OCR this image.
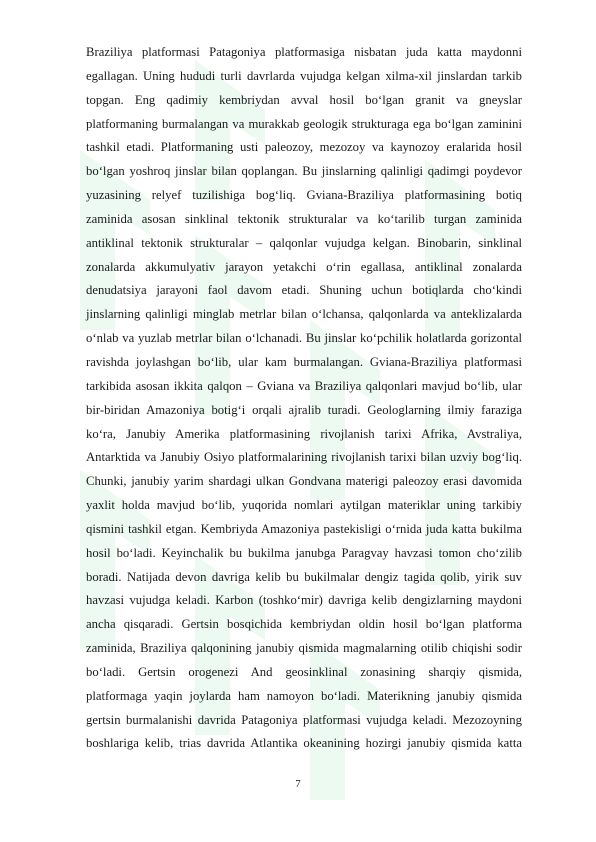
Braziliya platformasi Patagoniya platformasiga nisbatan juda katta maydonni
egallagan. Uning hududi turli davrlarda vujudga kelgan xilma-xil jinslardan tarkib
topgan. Eng qadimiy kembriydan avval hosil bo‘lgan granit va gneyslar
platformaning burmalangan va murakkab geologik strukturaga ega bo‘lgan zaminini
tashkil etadi. Platformaning usti paleozoy, mezozoy va kaynozoy eralarida hosil
bo‘lgan yoshroq jinslar bilan qoplangan. Bu jinslarning qalinligi qadimgi poydevor
yuzasining relyef tuzilishiga bog‘liq. Gviana-Braziliya platformasining botiq
zaminida asosan sinklinal tektonik strukturalar va ko‘tarilib turgan zaminida
antiklinal tektonik strukturalar – qalqonlar vujudga kelgan. Binobarin, sinklinal
zonalarda akkumulyativ jarayon yetakchi o‘rin egallasa, antiklinal zonalarda
denudatsiya jarayoni faol davom etadi. Shuning uchun botiqlarda cho‘kindi
jinslarning qalinligi minglab metrlar bilan o‘lchansa, qalqonlarda va anteklizalarda
o‘nlab va yuzlab metrlar bilan o‘lchanadi. Bu jinslar ko‘pchilik holatlarda gorizontal
ravishda joylashgan bo‘lib, ular kam burmalangan. Gviana-Braziliya platformasi
tarkibida asosan ikkita qalqon – Gviana va Braziliya qalqonlari mavjud bo‘lib, ular
bir-biridan Amazoniya botig‘i orqali ajralib turadi. Geologlarning ilmiy faraziga
ko‘ra, Janubiy Amerika platformasining rivojlanish tarixi Afrika, Avstraliya,
Antarktida va Janubiy Osiyo platformalarining rivojlanish tarixi bilan uzviy bog‘liq.
Chunki, janubiy yarim shardagi ulkan Gondvana materigi paleozoy erasi davomida
yaxlit holda mavjud bo‘lib, yuqorida nomlari aytilgan materiklar uning tarkibiy
qismini tashkil etgan. Kembriyda Amazoniya pastekisligi o‘rnida juda katta bukilma
hosil bo‘ladi. Keyinchalik bu bukilma janubga Paragvay havzasi tomon cho‘zilib
boradi. Natijada devon davriga kelib bu bukilmalar dengiz tagida qolib, yirik suv
havzasi vujudga keladi. Karbon (toshko‘mir) davriga kelib dengizlarning maydoni
ancha qisqaradi. Gertsin bosqichida kembriydan oldin hosil bo‘lgan platforma
zaminida, Braziliya qalqonining janubiy qismida magmalarning otilib chiqishi sodir
bo‘ladi. Gertsin orogenezi And geosinklinal zonasining sharqiy qismida,
platformaga yaqin joylarda ham namoyon bo‘ladi. Materikning janubiy qismida
gertsin burmalanishi davrida Patagoniya platformasi vujudga keladi. Mezozoyning
boshlariga kelib, trias davrida Atlantika okeanining hozirgi janubiy qismida katta
7
